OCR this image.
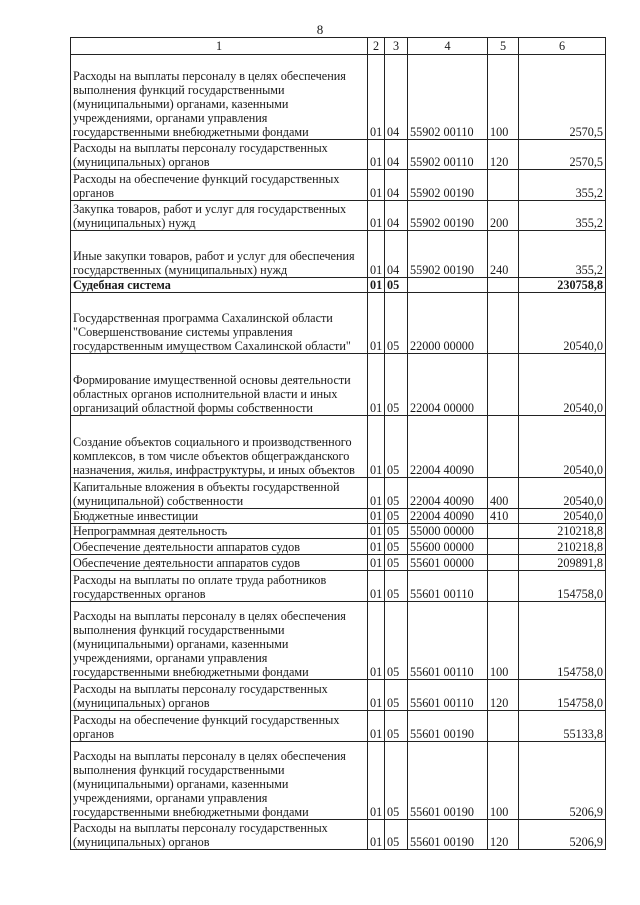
8
1	2	3	4	5	6
Расходы на выплаты персоналу в целях обеспечения выполнения функций государственными (муниципальными) органами, казенными учреждениями, органами управления государственными внебюджетными фондами	01	04	55902 00110	100	2570,5
Расходы на выплаты персоналу государственных (муниципальных) органов	01	04	55902 00110	120	2570,5
Расходы на обеспечение функций государственных органов	01	04	55902 00190		355,2
Закупка товаров, работ и услуг для государственных (муниципальных) нужд	01	04	55902 00190	200	355,2
Иные закупки товаров, работ и услуг для обеспечения государственных (муниципальных) нужд	01	04	55902 00190	240	355,2
Судебная система	01	05			230758,8
Государственная программа Сахалинской области "Совершенствование системы управления государственным имуществом Сахалинской области"	01	05	22000 00000		20540,0
Формирование имущественной основы деятельности областных органов исполнительной власти и иных организаций областной формы собственности	01	05	22004 00000		20540,0
Создание объектов социального и производственного комплексов, в том числе объектов общегражданского назначения, жилья, инфраструктуры, и иных объектов	01	05	22004 40090		20540,0
Капитальные вложения в объекты государственной (муниципальной) собственности	01	05	22004 40090	400	20540,0
Бюджетные инвестиции	01	05	22004 40090	410	20540,0
Непрограммная деятельность	01	05	55000 00000		210218,8
Обеспечение деятельности аппаратов судов	01	05	55600 00000		210218,8
Обеспечение деятельности аппаратов судов	01	05	55601 00000		209891,8
Расходы на выплаты по оплате труда работников государственных органов	01	05	55601 00110		154758,0
Расходы на выплаты персоналу в целях обеспечения выполнения функций государственными (муниципальными) органами, казенными учреждениями, органами управления государственными внебюджетными фондами	01	05	55601 00110	100	154758,0
Расходы на выплаты персоналу государственных (муниципальных) органов	01	05	55601 00110	120	154758,0
Расходы на обеспечение функций государственных органов	01	05	55601 00190		55133,8
Расходы на выплаты персоналу в целях обеспечения выполнения функций государственными (муниципальными) органами, казенными учреждениями, органами управления государственными внебюджетными фондами	01	05	55601 00190	100	5206,9
Расходы на выплаты персоналу государственных (муниципальных) органов	01	05	55601 00190	120	5206,9
